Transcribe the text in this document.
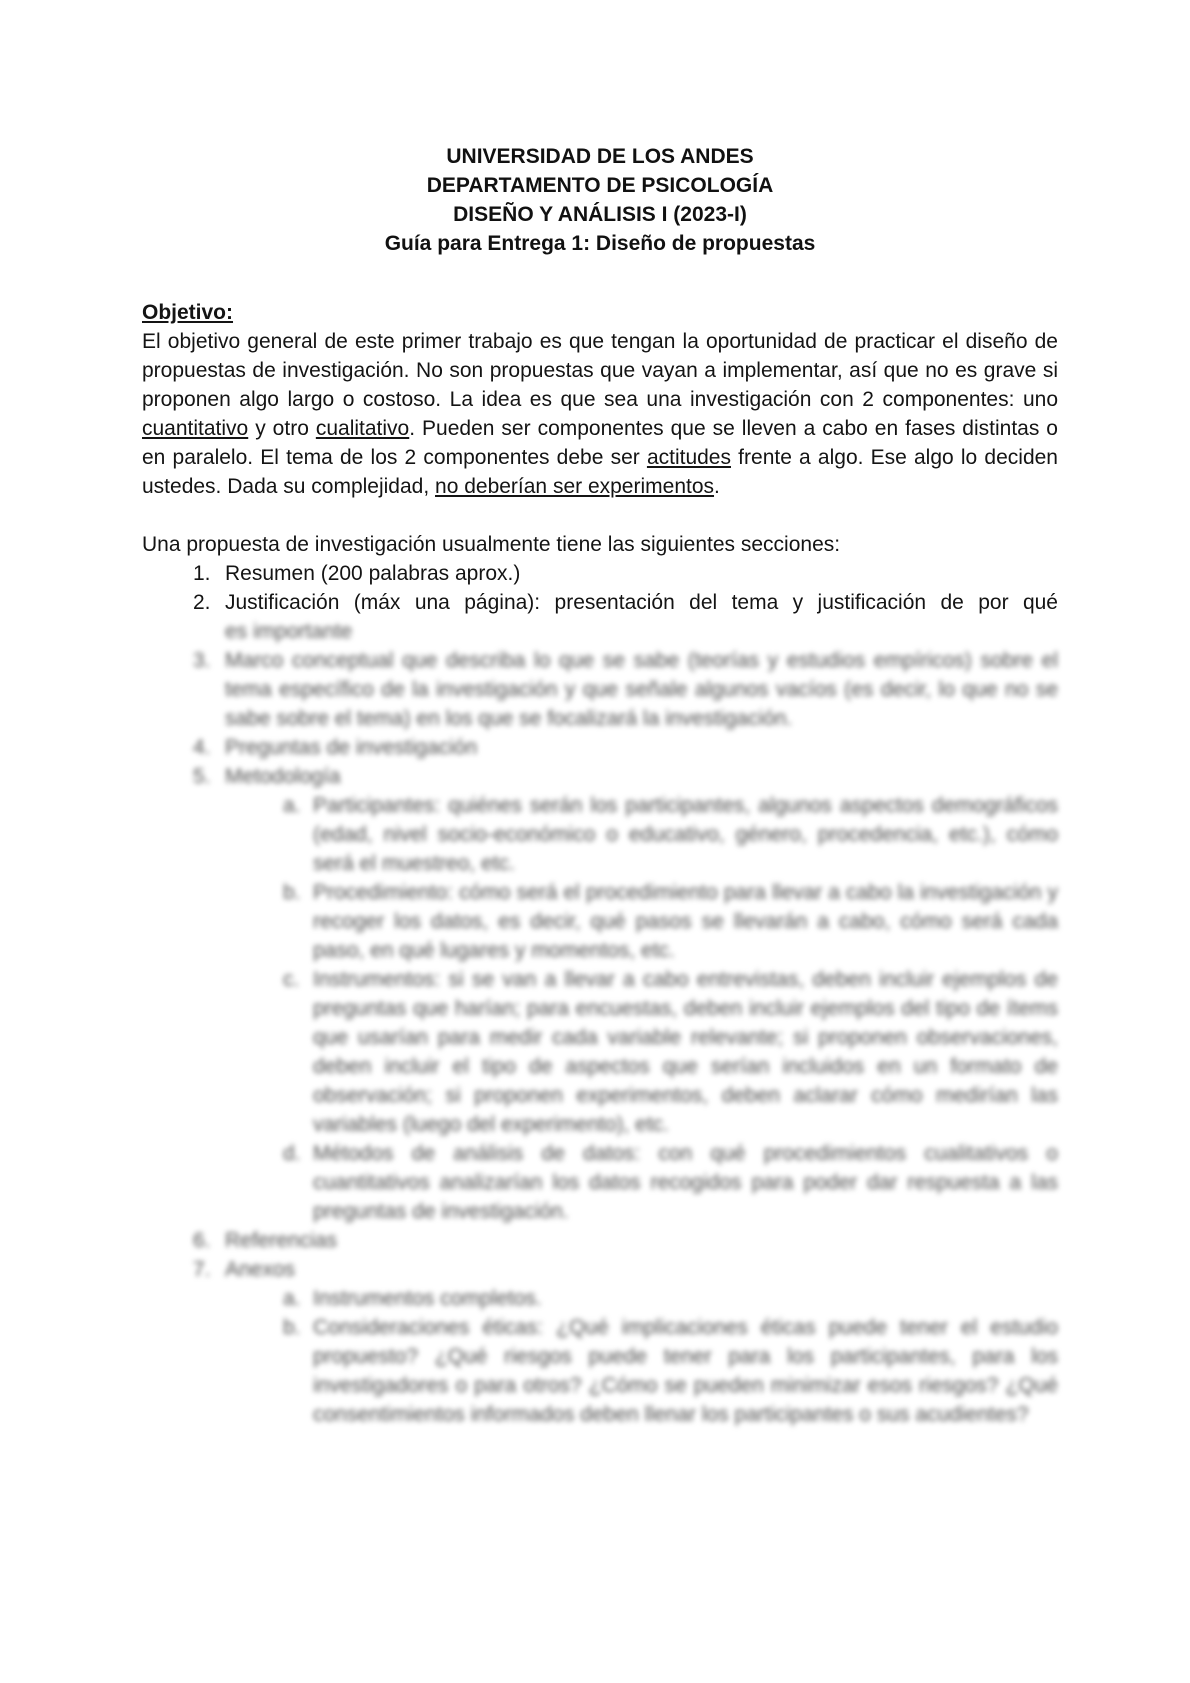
UNIVERSIDAD DE LOS ANDES
DEPARTAMENTO DE PSICOLOGÍA
DISEÑO Y ANÁLISIS I (2023-I)
Guía para Entrega 1: Diseño de propuestas
Objetivo:

El objetivo general de este primer trabajo es que tengan la oportunidad de practicar el diseño de propuestas de investigación. No son propuestas que vayan a implementar, así que no es grave si proponen algo largo o costoso. La idea es que sea una investigación con 2 componentes: uno cuantitativo y otro cualitativo. Pueden ser componentes que se lleven a cabo en fases distintas o en paralelo. El tema de los 2 componentes debe ser actitudes frente a algo. Ese algo lo deciden ustedes. Dada su complejidad, no deberían ser experimentos.

Una propuesta de investigación usualmente tiene las siguientes secciones:

1. Resumen (200 palabras aprox.)
2. Justificación (máx una página): presentación del tema y justificación de por qué es importante
3. Marco conceptual que describa lo que se sabe (teorías y estudios empíricos) sobre el tema específico de la investigación y que señale algunos vacíos (es decir, lo que no se sabe sobre el tema) en los que se focalizará la investigación.
4. Preguntas de investigación
5. Metodología
a. Participantes: quiénes serán los participantes, algunos aspectos demográficos (edad, nivel socio-económico o educativo, género, procedencia, etc.), cómo será el muestreo, etc.
b. Procedimiento: cómo será el procedimiento para llevar a cabo la investigación y recoger los datos, es decir, qué pasos se llevarán a cabo, cómo será cada paso, en qué lugares y momentos, etc.
c. Instrumentos: si se van a llevar a cabo entrevistas, deben incluir ejemplos de preguntas que harían; para encuestas, deben incluir ejemplos del tipo de ítems que usarían para medir cada variable relevante; si proponen observaciones, deben incluir el tipo de aspectos que serían incluidos en un formato de observación; si proponen experimentos, deben aclarar cómo medirían las variables (luego del experimento), etc.
d. Métodos de análisis de datos: con qué procedimientos cualitativos o cuantitativos analizarían los datos recogidos para poder dar respuesta a las preguntas de investigación.
6. Referencias
7. Anexos
a. Instrumentos completos.
b. Consideraciones éticas: ¿Qué implicaciones éticas puede tener el estudio propuesto? ¿Qué riesgos puede tener para los participantes, para los investigadores o para otros? ¿Cómo se pueden minimizar esos riesgos? ¿Qué consentimientos informados deben llenar los participantes o sus acudientes?
